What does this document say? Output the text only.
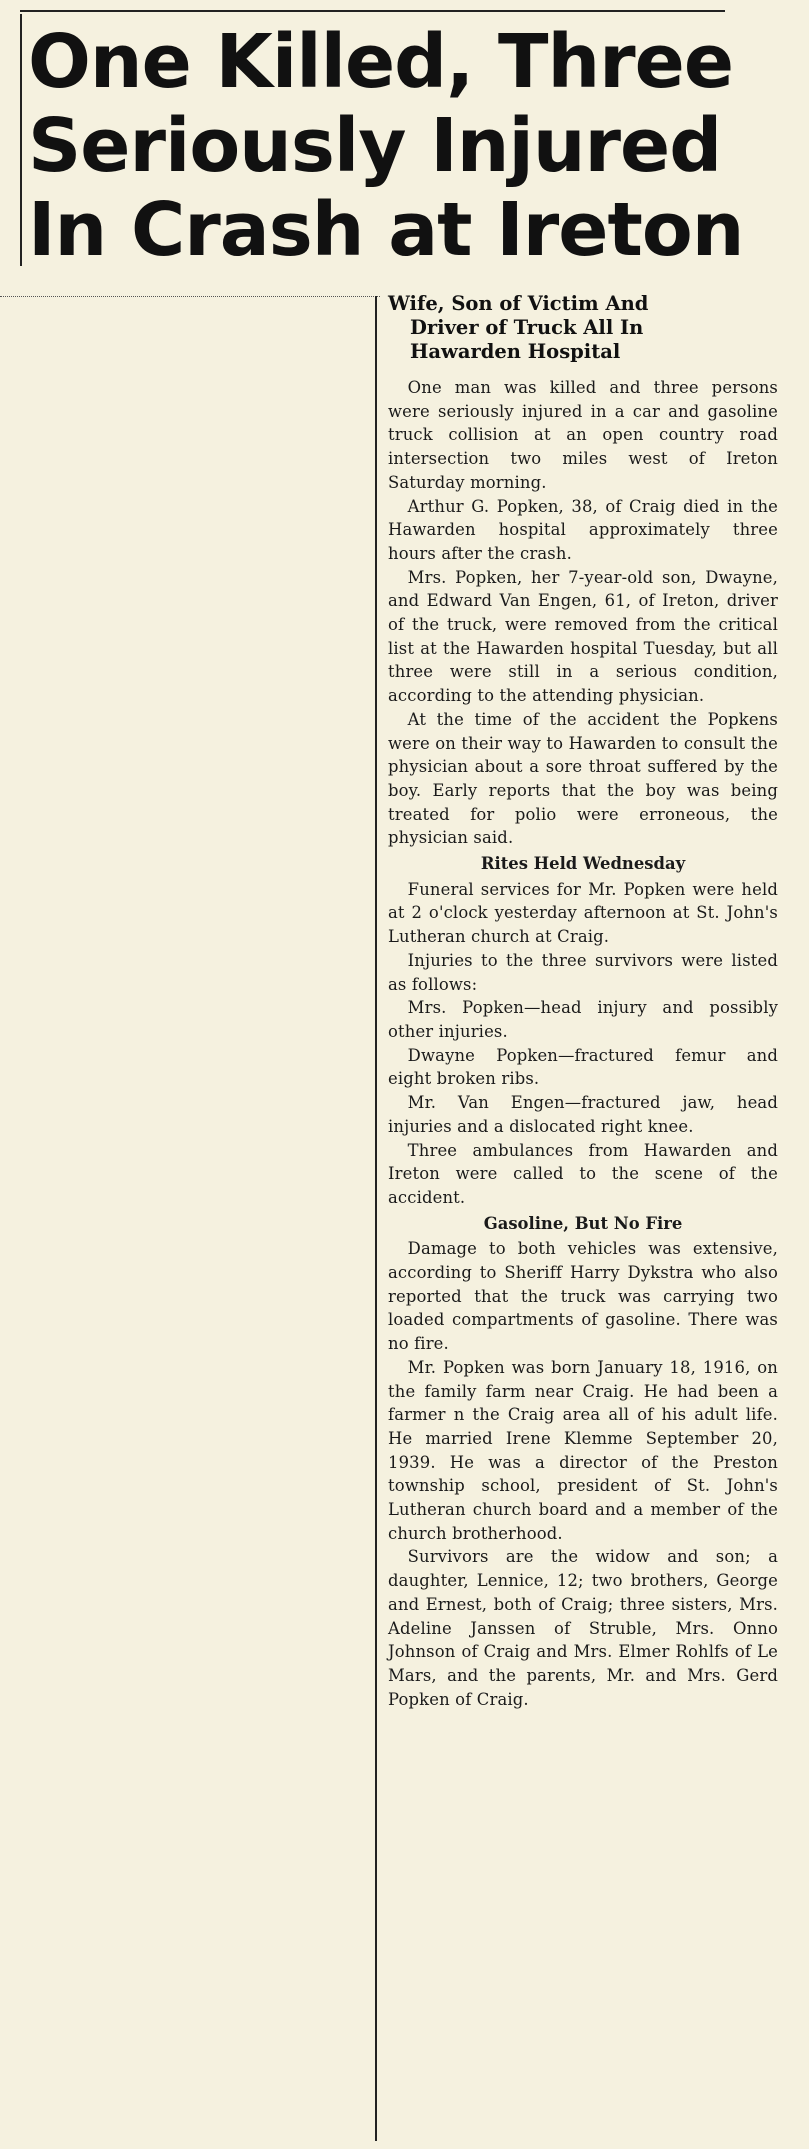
One Killed, Three
Seriously Injured
In Crash at Ireton
Wife, Son of Victim And
Driver of Truck All In
Hawarden Hospital

One man was killed and three persons were seriously injured in a car and gasoline truck collision at an open country road intersection two miles west of Ireton Saturday morning.

Arthur G. Popken, 38, of Craig died in the Hawarden hospital approximately three hours after the crash.

Mrs. Popken, her 7-year-old son, Dwayne, and Edward Van Engen, 61, of Ireton, driver of the truck, were removed from the critical list at the Hawarden hospital Tuesday, but all three were still in a serious condition, according to the attending physician.

At the time of the accident the Popkens were on their way to Hawarden to consult the physician about a sore throat suffered by the boy. Early reports that the boy was being treated for polio were erroneous, the physician said.

Rites Held Wednesday

Funeral services for Mr. Popken were held at 2 o'clock yesterday afternoon at St. John's Lutheran church at Craig.

Injuries to the three survivors were listed as follows:

Mrs. Popken—head injury and possibly other injuries.

Dwayne Popken—fractured femur and eight broken ribs.

Mr. Van Engen—fractured jaw, head injuries and a dislocated right knee.

Three ambulances from Hawarden and Ireton were called to the scene of the accident.

Gasoline, But No Fire

Damage to both vehicles was extensive, according to Sheriff Harry Dykstra who also reported that the truck was carrying two loaded compartments of gasoline. There was no fire.

Mr. Popken was born January 18, 1916, on the family farm near Craig. He had been a farmer n the Craig area all of his adult life. He married Irene Klemme September 20, 1939. He was a director of the Preston township school, president of St. John's Lutheran church board and a member of the church brotherhood.

Survivors are the widow and son; a daughter, Lennice, 12; two brothers, George and Ernest, both of Craig; three sisters, Mrs. Adeline Janssen of Struble, Mrs. Onno Johnson of Craig and Mrs. Elmer Rohlfs of Le Mars, and the parents, Mr. and Mrs. Gerd Popken of Craig.
